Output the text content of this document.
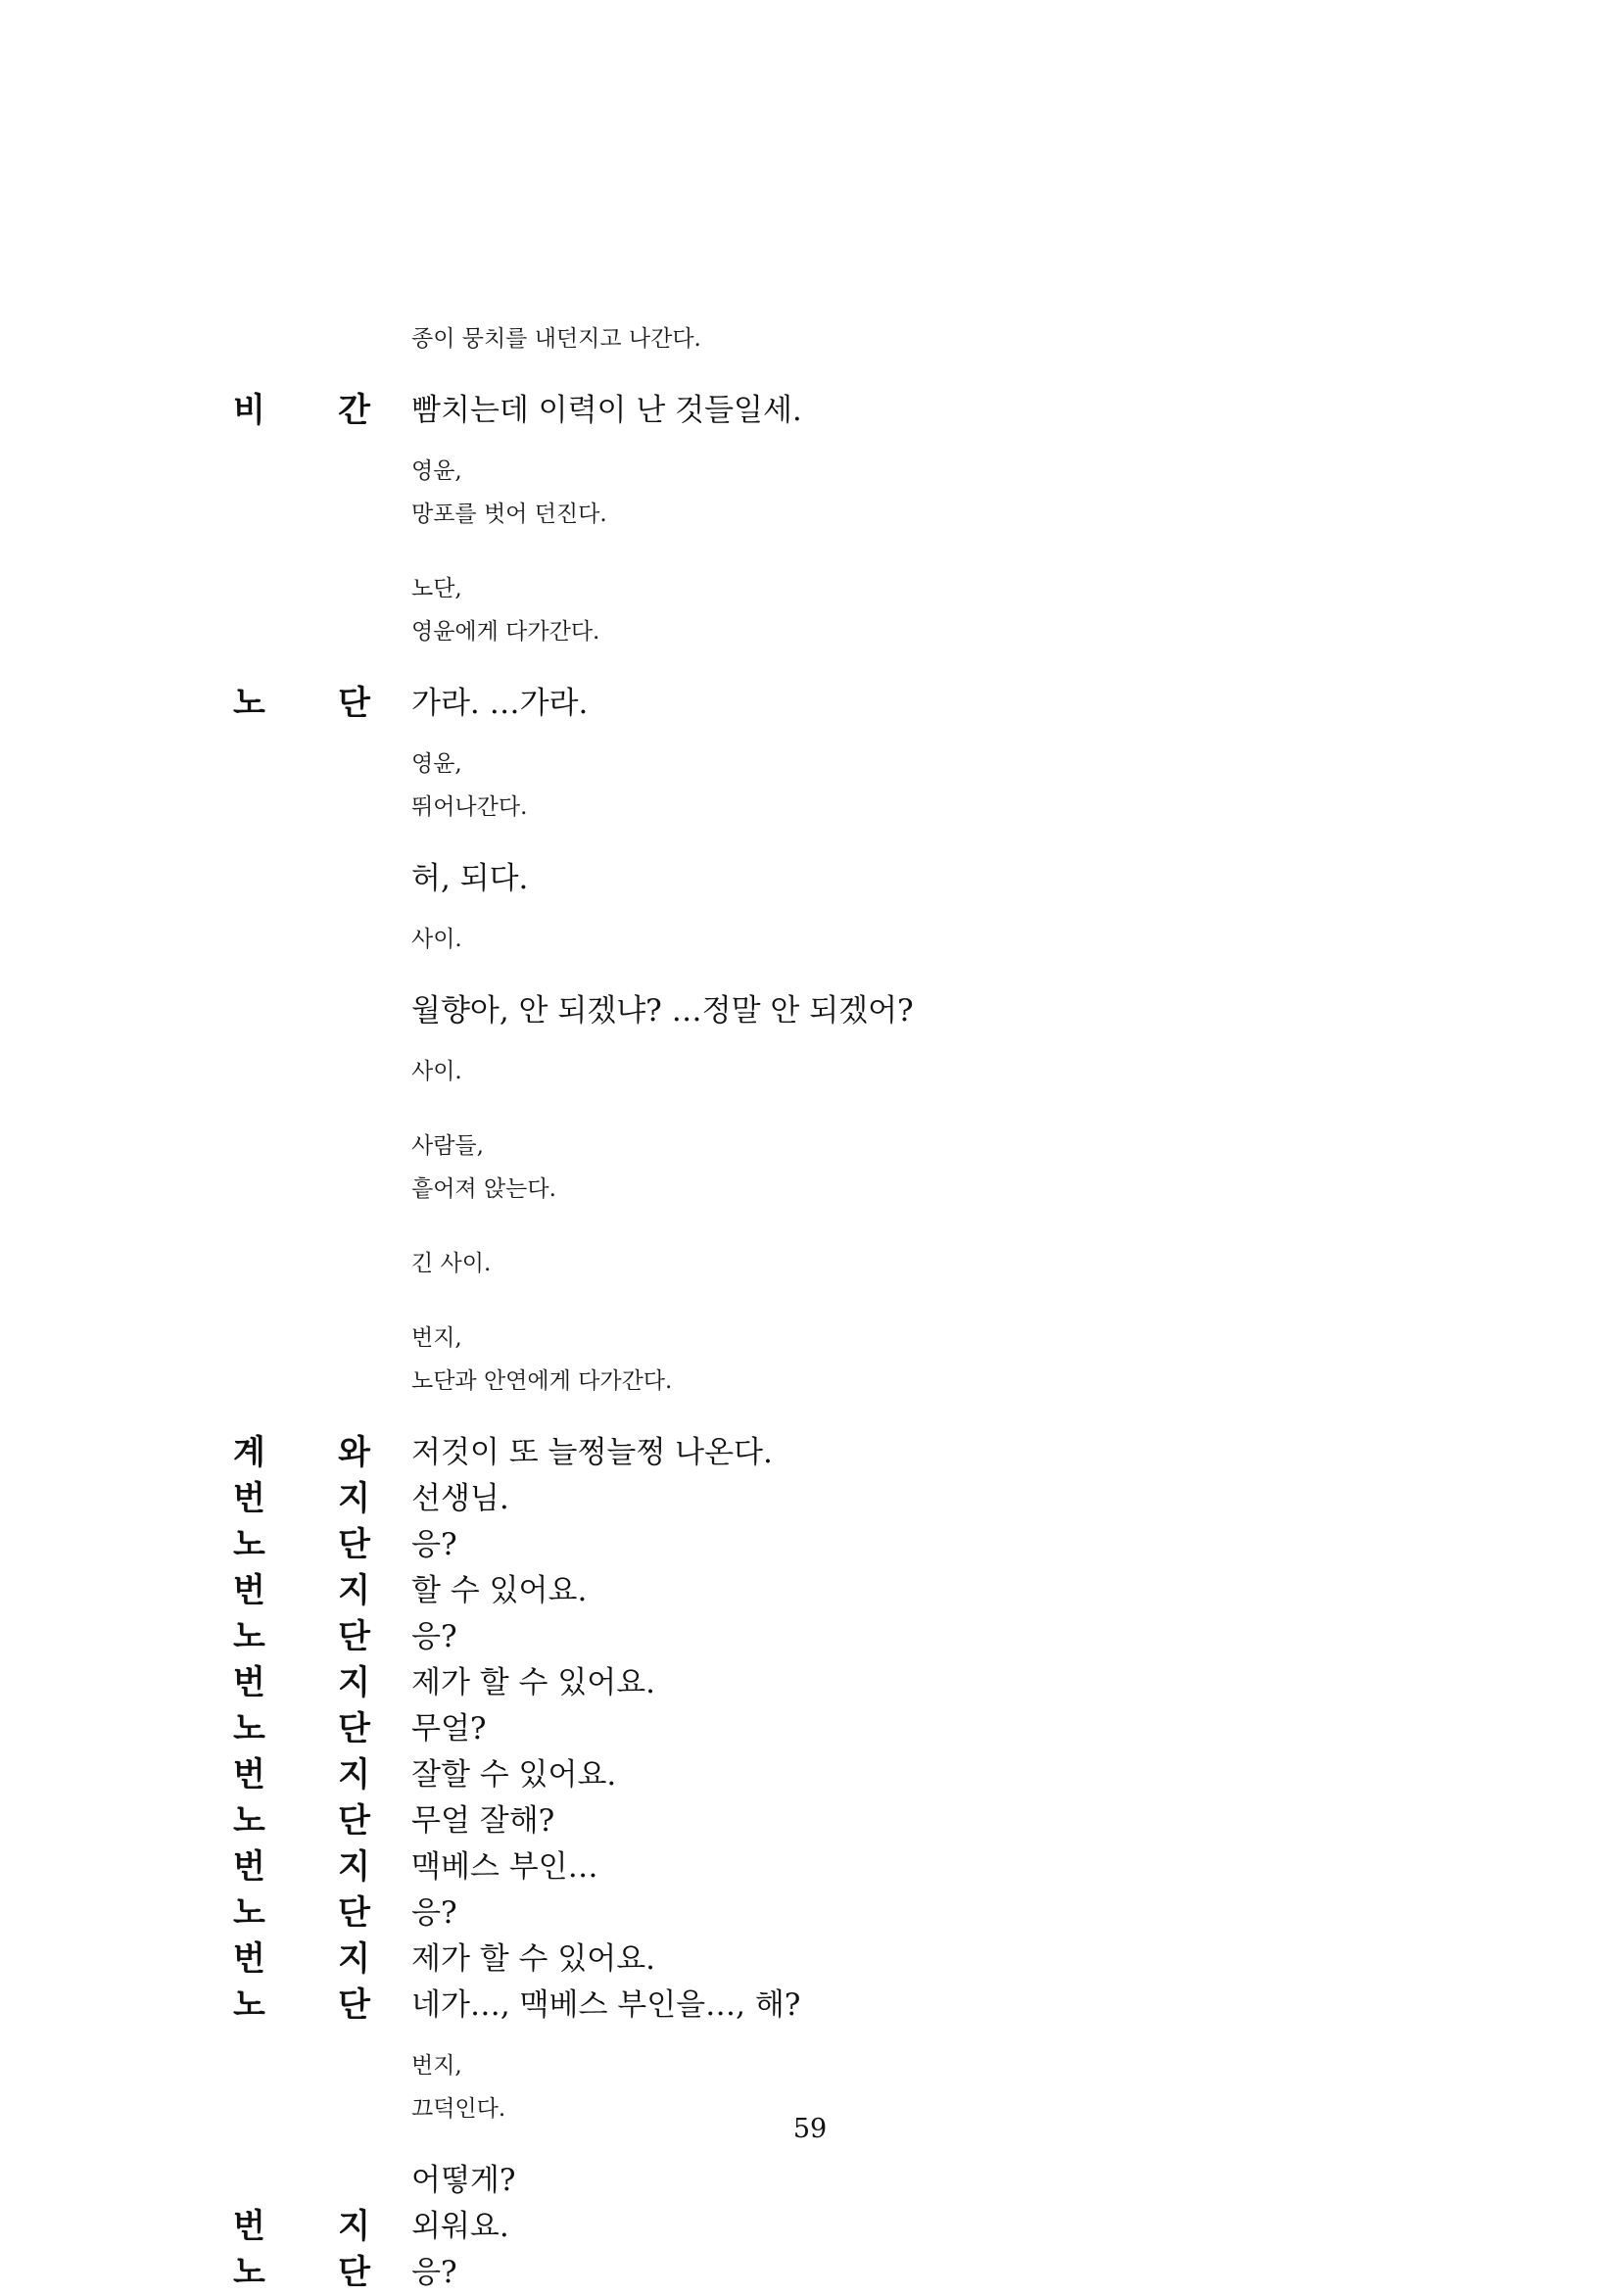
종이 뭉치를 내던지고 나간다.
비 간 빰치는데 이력이 난 것들일세.
영윤,
망포를 벗어 던진다.
노단,
영윤에게 다가간다.
노 단 가라. …가라.
영윤,
뛰어나간다.
허, 되다.
사이.
월향아, 안 되겠냐? …정말 안 되겠어?
사이.
사람들,
흩어져 앉는다.
긴 사이.
번지,
노단과 안연에게 다가간다.
계 와 저것이 또 늘쩡늘쩡 나온다.
번 지 선생님.
노 단 응?
번 지 할 수 있어요.
노 단 응?
번 지 제가 할 수 있어요.
노 단 무얼?
번 지 잘할 수 있어요.
노 단 무얼 잘해?
번 지 맥베스 부인…
노 단 응?
번 지 제가 할 수 있어요.
노 단 네가…, 맥베스 부인을…, 해?
번지,
끄덕인다.
어떻게?
번 지 외워요.
노 단 응?
59
